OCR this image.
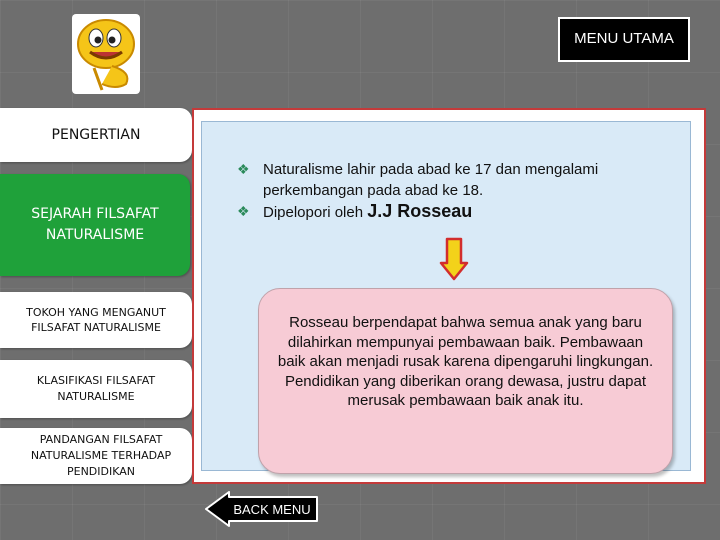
MENU UTAMA
PENGERTIAN
SEJARAH FILSAFAT NATURALISME
TOKOH YANG MENGANUT FILSAFAT NATURALISME
KLASIFIKASI FILSAFAT NATURALISME
PANDANGAN FILSAFAT NATURALISME TERHADAP PENDIDIKAN
❖ Naturalisme lahir pada abad ke 17 dan mengalami perkembangan pada abad ke 18.
❖ Dipelopori oleh J.J Rosseau
Rosseau berpendapat bahwa semua anak yang baru dilahirkan mempunyai pembawaan baik. Pembawaan baik akan menjadi rusak karena dipengaruhi lingkungan. Pendidikan yang diberikan orang dewasa, justru dapat merusak pembawaan baik anak itu.
BACK MENU
